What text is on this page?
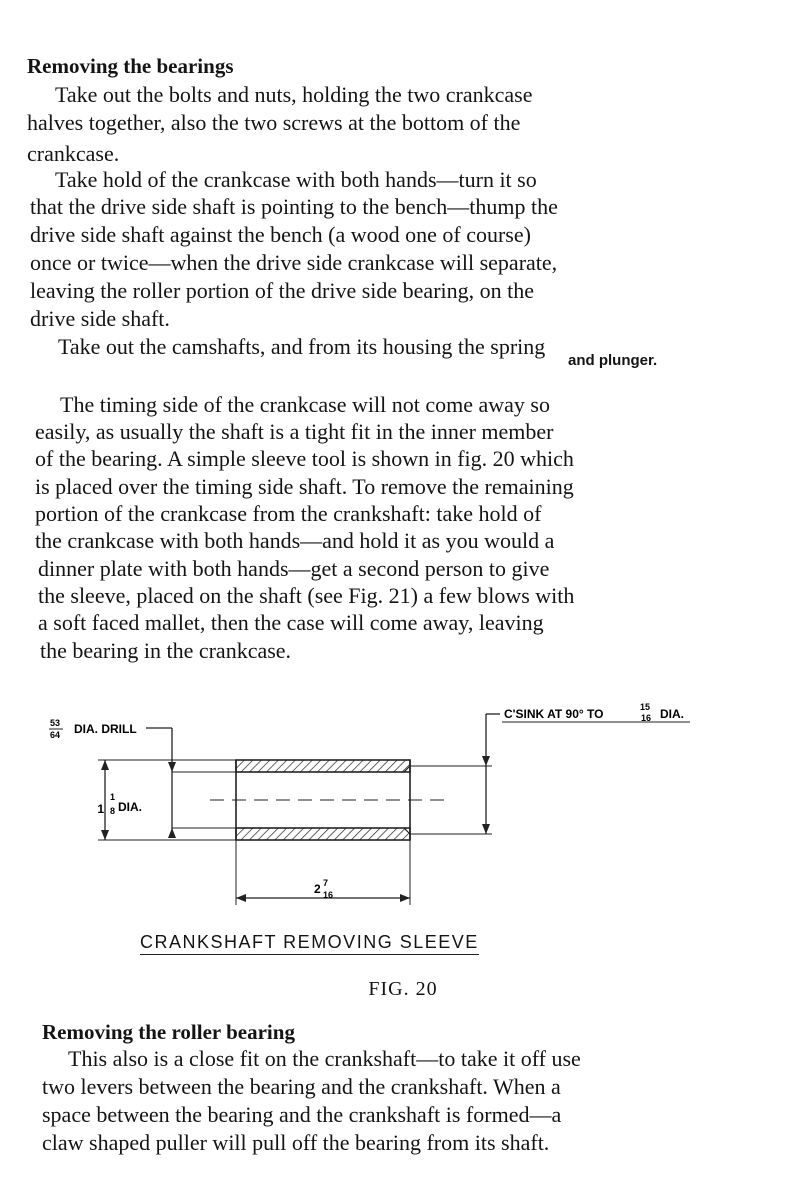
Removing the bearings
Take out the bolts and nuts, holding the two crankcase
halves together, also the two screws at the bottom of the
crankcase.
Take hold of the crankcase with both hands—turn it so
that the drive side shaft is pointing to the bench—thump the
drive side shaft against the bench (a wood one of course)
once or twice—when the drive side crankcase will separate,
leaving the roller portion of the drive side bearing, on the
drive side shaft.
Take out the camshafts, and from its housing the spring
and plunger.
The timing side of the crankcase will not come away so
easily, as usually the shaft is a tight fit in the inner member
of the bearing. A simple sleeve tool is shown in fig. 20 which
is placed over the timing side shaft. To remove the remaining
portion of the crankcase from the crankshaft: take hold of
the crankcase with both hands—and hold it as you would a
dinner plate with both hands—get a second person to give
the sleeve, placed on the shaft (see Fig. 21) a few blows with
a soft faced mallet, then the case will come away, leaving
the bearing in the crankcase.
53
64 DIA. DRILL
1
1
8 DIA.
C'SINK AT 90° TO	15
16 DIA.
2 7
16
CRANKSHAFT REMOVING SLEEVE
FIG. 20
Removing the roller bearing
This also is a close fit on the crankshaft—to take it off use
two levers between the bearing and the crankshaft. When a
space between the bearing and the crankshaft is formed—a
claw shaped puller will pull off the bearing from its shaft.
